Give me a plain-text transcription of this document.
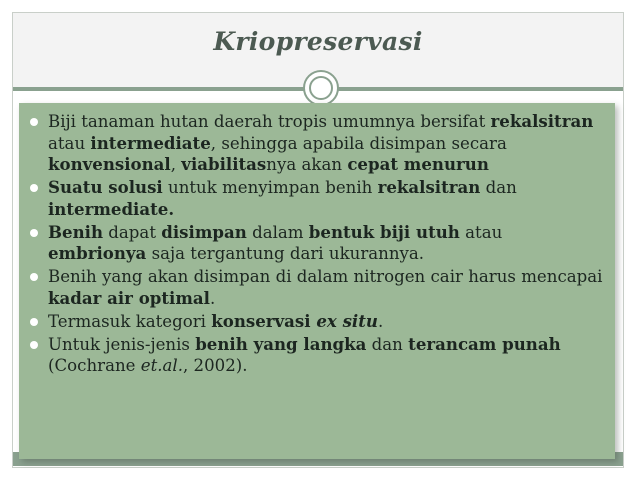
Kriopreservasi
Biji tanaman hutan daerah tropis umumnya bersifat rekalsitran atau intermediate, sehingga apabila disimpan secara konvensional, viabilitasnya akan cepat menurun
Suatu solusi untuk menyimpan benih rekalsitran dan intermediate.
Benih dapat disimpan dalam bentuk biji utuh atau embrionya saja tergantung dari ukurannya.
Benih yang akan disimpan di dalam nitrogen cair harus mencapai kadar air optimal.
Termasuk kategori konservasi ex situ.
Untuk jenis-jenis benih yang langka dan terancam punah (Cochrane et.al., 2002).
